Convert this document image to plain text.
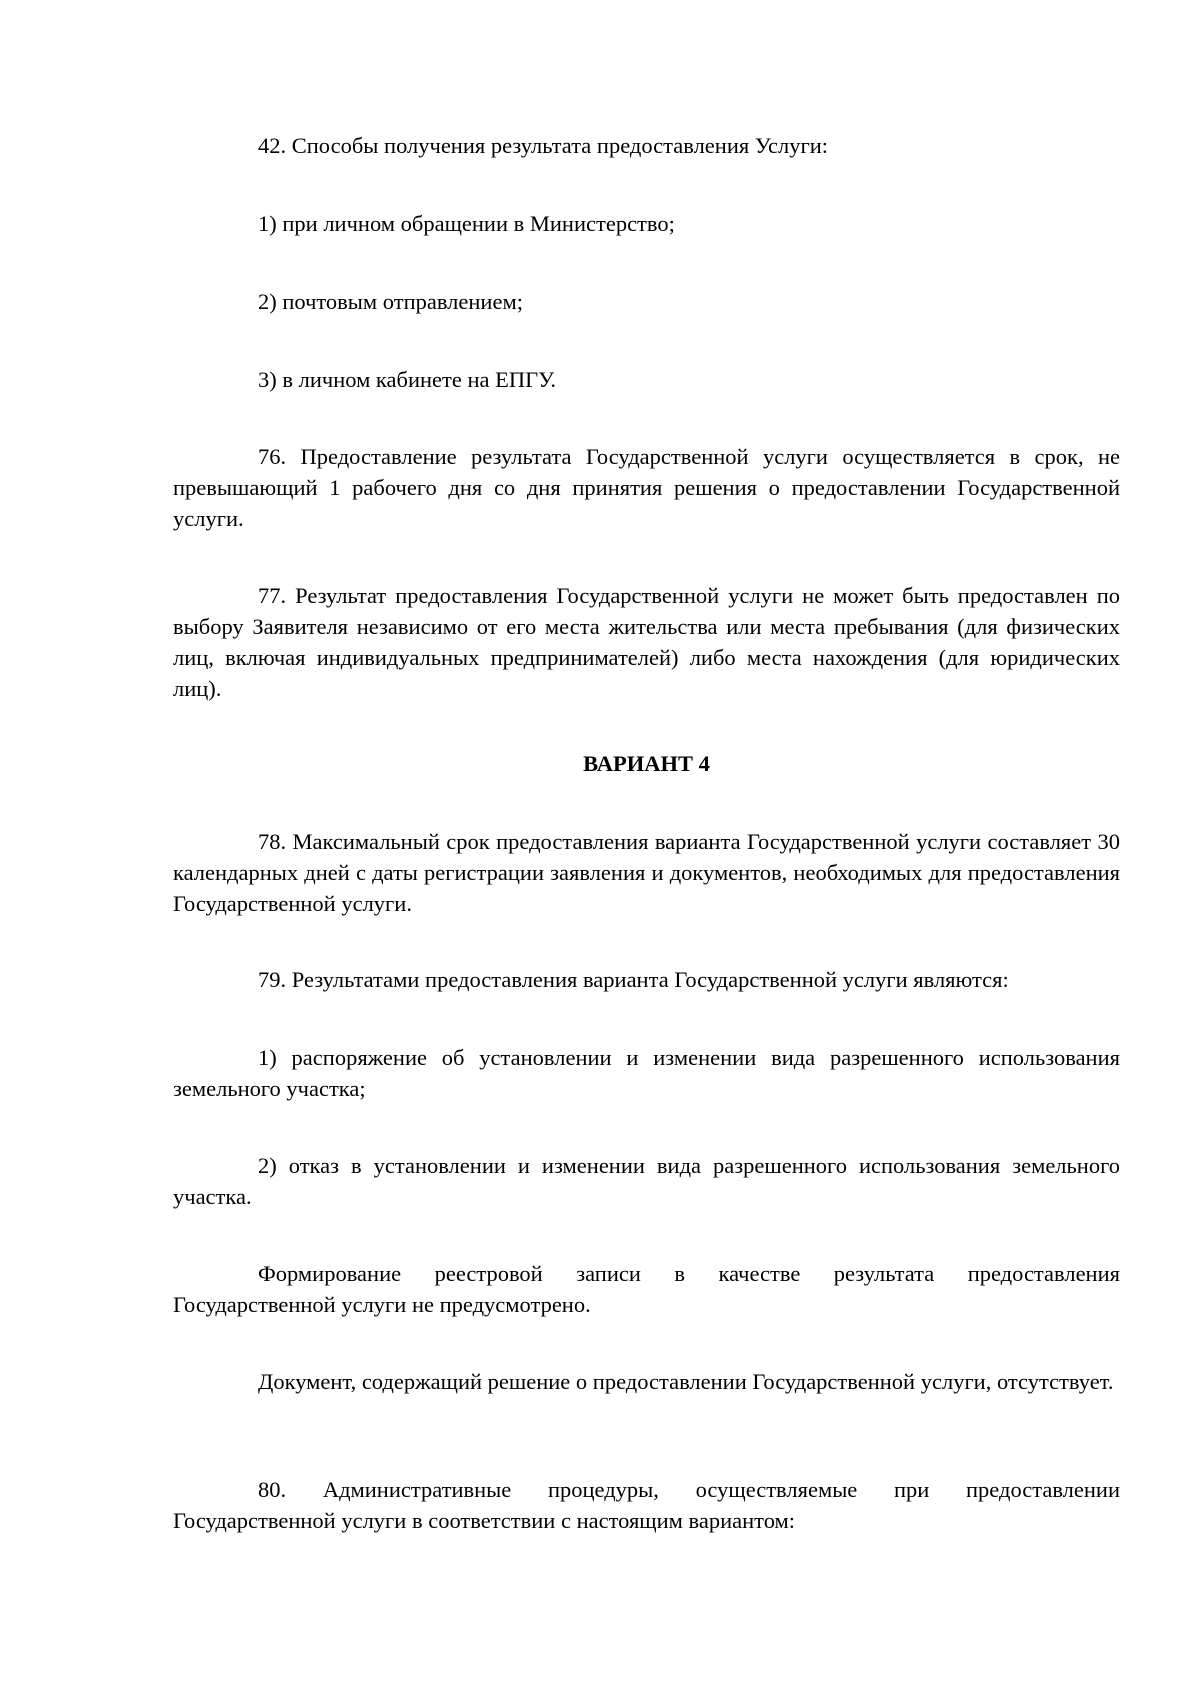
42. Способы получения результата предоставления Услуги:

1) при личном обращении в Министерство;

2) почтовым отправлением;

3) в личном кабинете на ЕПГУ.

76. Предоставление результата Государственной услуги осуществляется в срок, не превышающий 1 рабочего дня со дня принятия решения о предоставлении Государственной услуги.

77. Результат предоставления Государственной услуги не может быть предоставлен по выбору Заявителя независимо от его места жительства или места пребывания (для физических лиц, включая индивидуальных предпринимателей) либо места нахождения (для юридических лиц).

ВАРИАНТ 4

78. Максимальный срок предоставления варианта Государственной услуги составляет 30 календарных дней с даты регистрации заявления и документов, необходимых для предоставления Государственной услуги.

79. Результатами предоставления варианта Государственной услуги являются:

1) распоряжение об установлении и изменении вида разрешенного использования земельного участка;

2) отказ в установлении и изменении вида разрешенного использования земельного участка.

Формирование реестровой записи в качестве результата предоставления Государственной услуги не предусмотрено.

Документ, содержащий решение о предоставлении Государственной услуги, отсутствует.

80. Административные процедуры, осуществляемые при предоставлении Государственной услуги в соответствии с настоящим вариантом:
